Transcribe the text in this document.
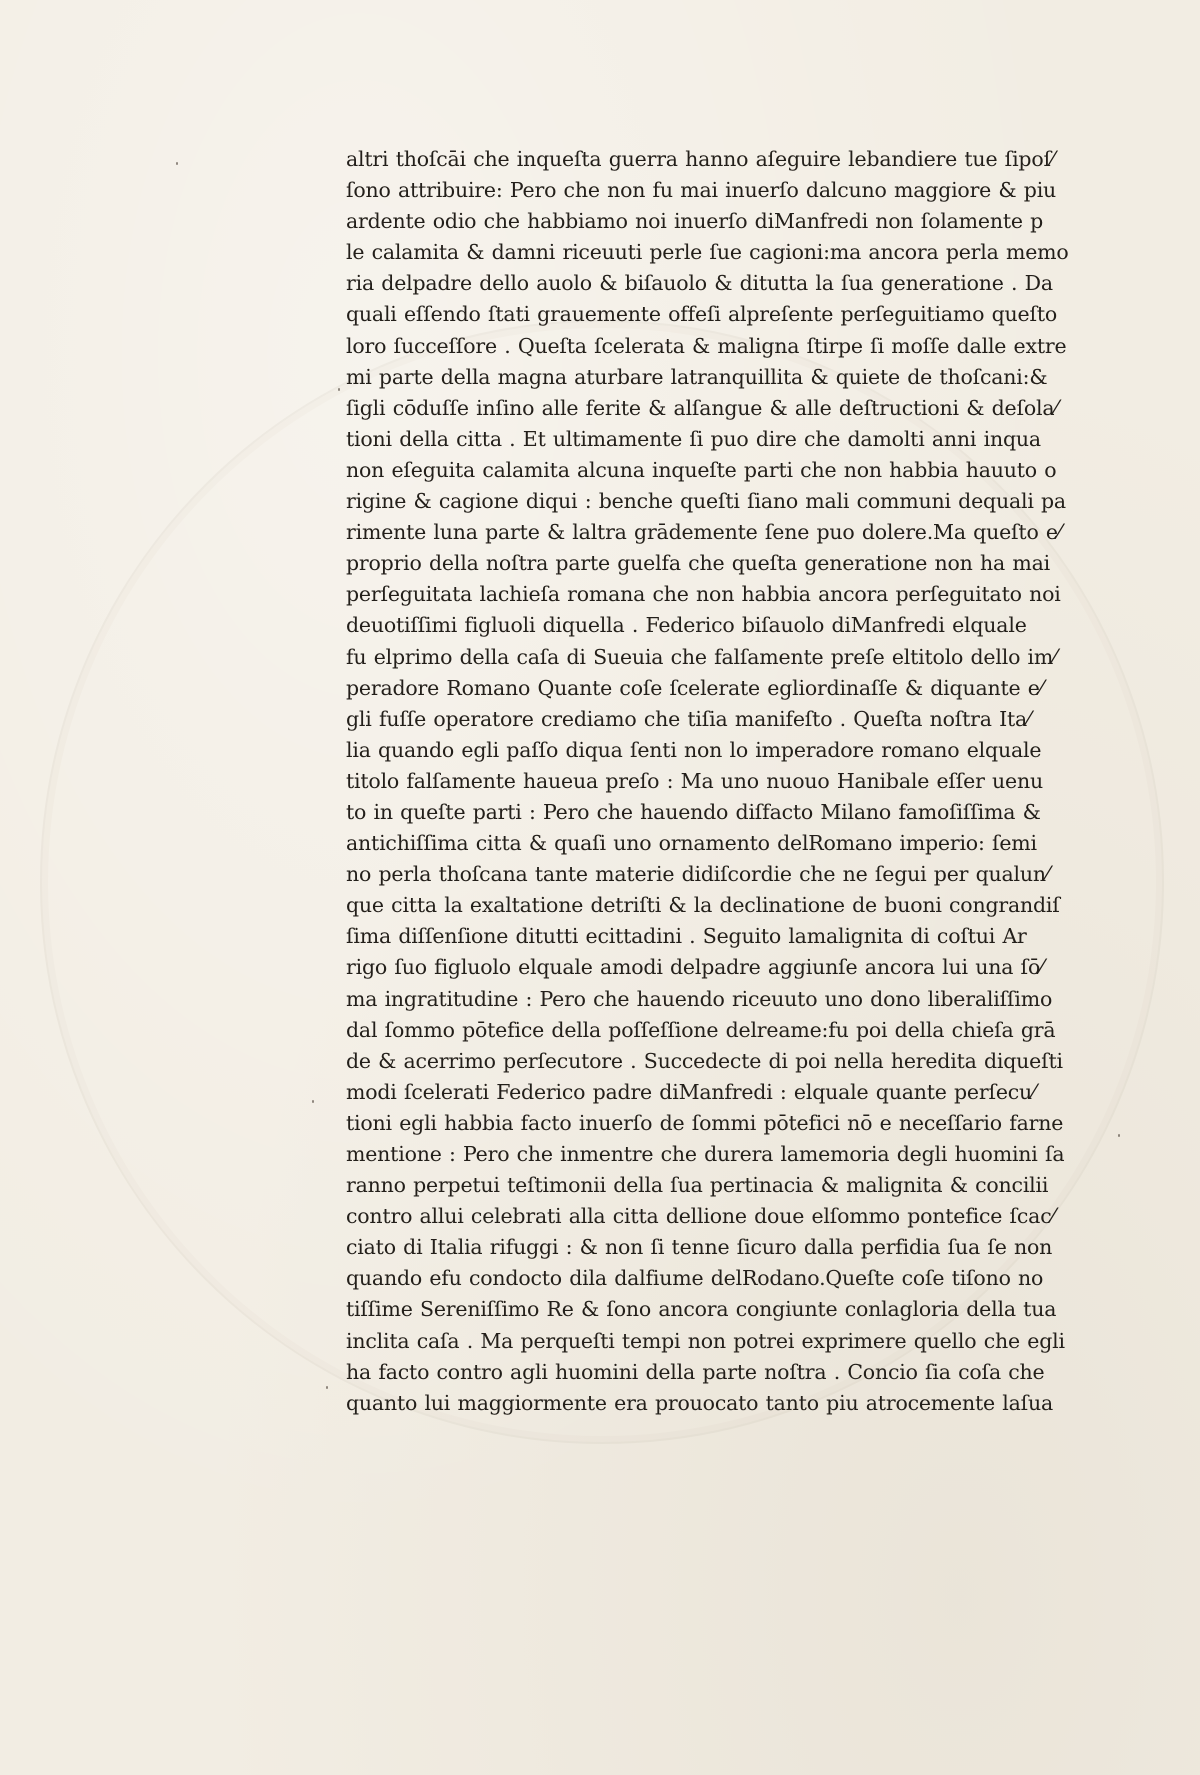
altri thoſcāi che inqueſta guerra hanno aſeguire lebandiere tue ſipoſ⁄
ſono attribuire: Pero che non fu mai inuerſo dalcuno maggiore & piu
ardente odio che habbiamo noi inuerſo diManfredi non ſolamente p
le calamita & damni riceuuti perle ſue cagioni:ma ancora perla memo
ria delpadre dello auolo & biſauolo & ditutta la ſua generatione . Da
quali eſſendo ſtati grauemente offeſi alpreſente perſeguitiamo queſto
loro ſucceſſore . Queſta ſcelerata & maligna ſtirpe ſi moſſe dalle extre
mi parte della magna aturbare latranquillita & quiete de thoſcani:&
ſigli cōduſſe inſino alle ferite & alſangue & alle deſtructioni & deſola⁄
tioni della citta . Et ultimamente ſi puo dire che damolti anni inqua
non eſeguita calamita alcuna inqueſte parti che non habbia hauuto o
rigine & cagione diqui : benche queſti ſiano mali communi dequali pa
rimente luna parte & laltra grādemente ſene puo dolere.Ma queſto e⁄
proprio della noſtra parte guelfa che queſta generatione non ha mai
perſeguitata lachieſa romana che non habbia ancora perſeguitato noi
deuotiſſimi figluoli diquella . Federico biſauolo diManfredi elquale
fu elprimo della caſa di Sueuia che falſamente preſe eltitolo dello im⁄
peradore Romano Quante coſe ſcelerate egliordinaſſe & diquante e⁄
gli fuſſe operatore crediamo che tiſia manifeſto . Queſta noſtra Ita⁄
lia quando egli paſſo diqua ſenti non lo imperadore romano elquale
titolo falſamente haueua preſo : Ma uno nuouo Hanibale eſſer uenu
to in queſte parti : Pero che hauendo diſfacto Milano famoſiſſima &
antichiſſima citta & quaſi uno ornamento delRomano imperio: ſemi
no perla thoſcana tante materie didiſcordie che ne ſegui per qualun⁄
que citta la exaltatione detriſti & la declinatione de buoni congrandiſ
ſima diſſenſione ditutti ecittadini . Seguito lamalignita di coſtui Ar
rigo ſuo figluolo elquale amodi delpadre aggiunſe ancora lui una ſō⁄
ma ingratitudine : Pero che hauendo riceuuto uno dono liberaliſſimo
dal ſommo pōtefice della poſſeſſione delreame:fu poi della chieſa grā
de & acerrimo perſecutore . Succedecte di poi nella heredita diqueſti
modi ſcelerati Federico padre diManfredi : elquale quante perſecu⁄
tioni egli habbia facto inuerſo de ſommi pōtefici nō e neceſſario farne
mentione : Pero che inmentre che durera lamemoria degli huomini ſa
ranno perpetui teſtimonii della ſua pertinacia & malignita & concilii
contro allui celebrati alla citta dellione doue elſommo pontefice ſcac⁄
ciato di Italia rifuggi : & non ſi tenne ſicuro dalla perfidia ſua ſe non
quando efu condocto dila dalfiume delRodano.Queſte coſe tiſono no
tiſſime Sereniſſimo Re & ſono ancora congiunte conlagloria della tua
inclita caſa . Ma perqueſti tempi non potrei exprimere quello che egli
ha facto contro agli huomini della parte noſtra . Concio ſia coſa che
quanto lui maggiormente era prouocato tanto piu atrocemente laſua
